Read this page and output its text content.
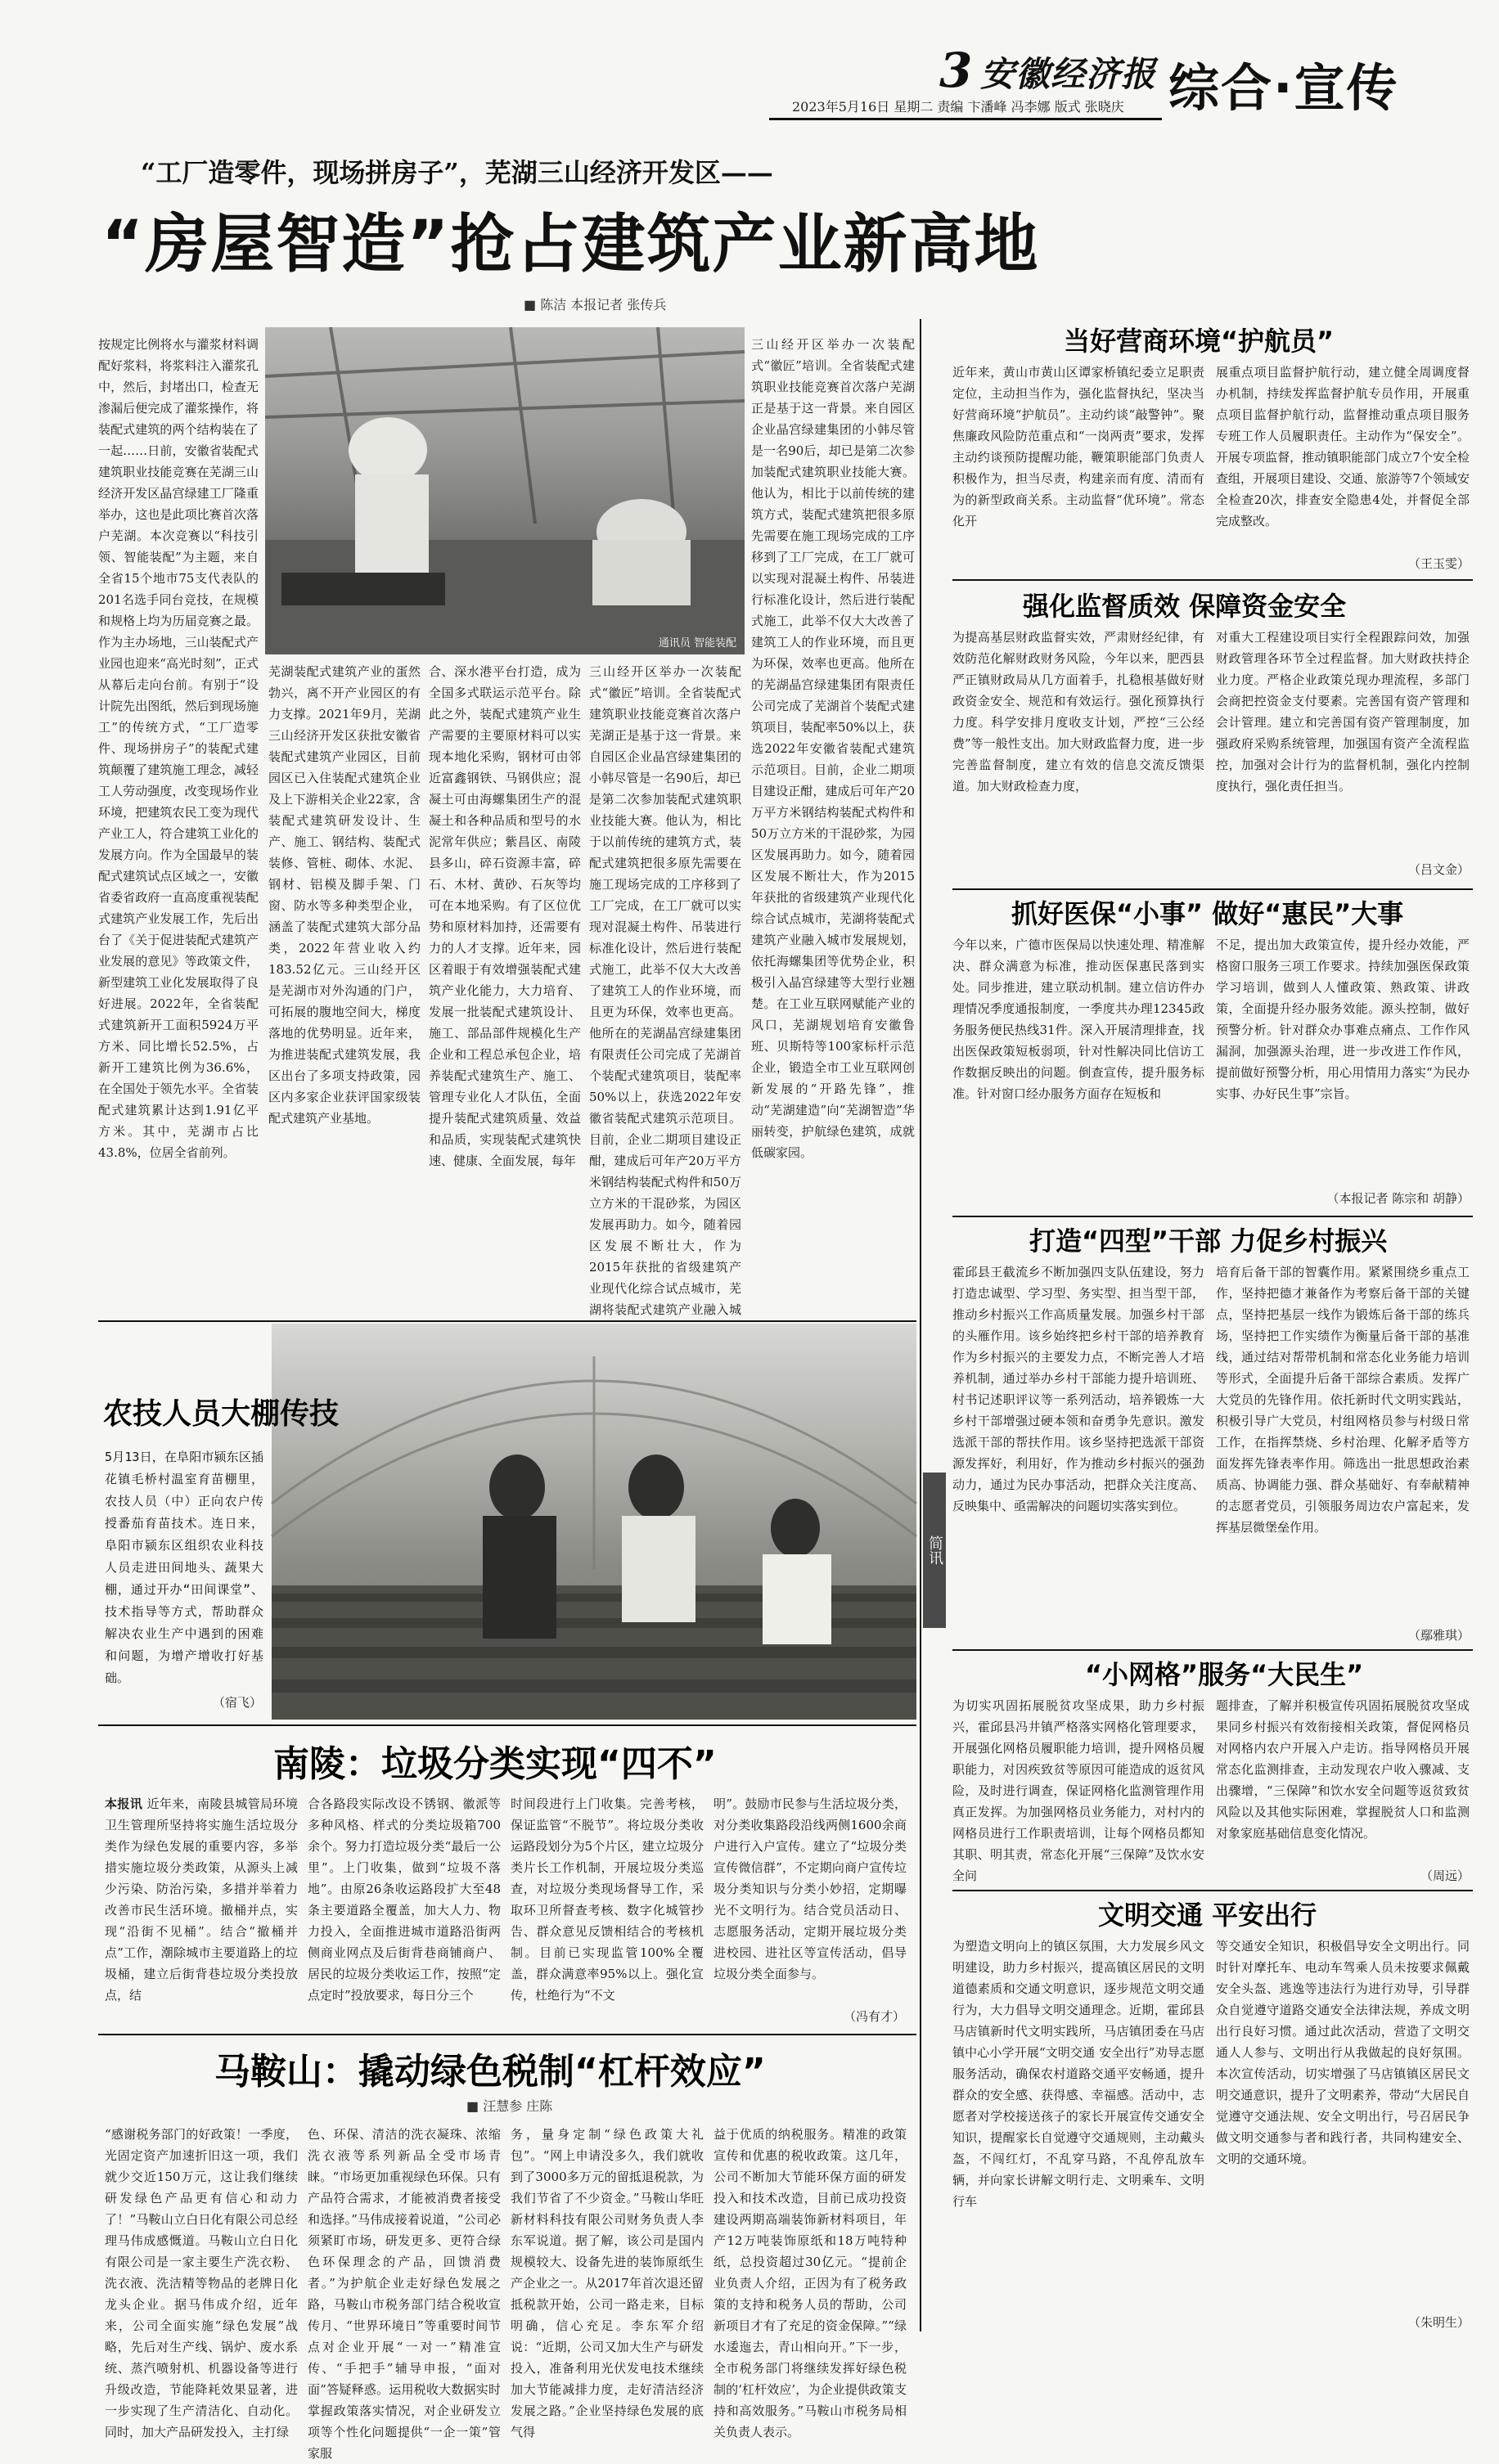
3 安徽经济报
2023年5月16日 星期二 责编 卞潘峰 冯李娜 版式 张晓庆 综合·宣传
“工厂造零件，现场拼房子”，芜湖三山经济开发区——
“房屋智造”抢占建筑产业新高地
■ 陈洁 本报记者 张传兵
通讯员 智能装配
按规定比例将水与灌浆材料调配好浆料，将浆料注入灌浆孔中，然后，封堵出口，检查无渗漏后便完成了灌浆操作，将装配式建筑的两个结构装在了一起……日前，安徽省装配式建筑职业技能竞赛在芜湖三山经济开发区晶宫绿建工厂隆重举办，这也是此项比赛首次落户芜湖。本次竞赛以“科技引领、智能装配”为主题，来自全省15个地市75支代表队的201名选手同台竞技，在规模和规格上均为历届竞赛之最。作为主办场地，三山装配式产业园也迎来“高光时刻”，正式从幕后走向台前。有别于“设计院先出图纸，然后到现场施工”的传统方式，“工厂造零件、现场拼房子”的装配式建筑颠覆了建筑施工理念，减轻工人劳动强度，改变现场作业环境，把建筑农民工变为现代产业工人，符合建筑工业化的发展方向。作为全国最早的装配式建筑试点区域之一，安徽省委省政府一直高度重视装配式建筑产业发展工作，先后出台了《关于促进装配式建筑产业发展的意见》等政策文件，新型建筑工业化发展取得了良好进展。2022年，全省装配式建筑新开工面积5924万平方米、同比增长52.5%，占新开工建筑比例为36.6%，在全国处于领先水平。全省装配式建筑累计达到1.91亿平方米。其中，芜湖市占比43.8%，位居全省前列。
芜湖装配式建筑产业的蛋然勃兴，离不开产业园区的有力支撑。2021年9月，芜湖三山经济开发区获批安徽省装配式建筑产业园区，目前园区已入住装配式建筑企业及上下游相关企业22家，含装配式建筑研发设计、生产、施工、钢结构、装配式装修、管桩、砌体、水泥、钢材、铝模及脚手架、门窗、防水等多种类型企业，涵盖了装配式建筑大部分品类，2022年营业收入约183.52亿元。三山经开区是芜湖市对外沟通的门户，可拓展的腹地空间大，梯度落地的优势明显。近年来，为推进装配式建筑发展，我区出台了多项支持政策，园区内多家企业获评国家级装配式建筑产业基地。
合、深水港平台打造，成为全国多式联运示范平台。除此之外，装配式建筑产业生产需要的主要原材料可以实现本地化采购，钢材可由邻近富鑫钢铁、马钢供应；混凝土可由海螺集团生产的混凝土和各种品质和型号的水泥常年供应；紫昌区、南陵县多山，碎石资源丰富，碎石、木材、黄砂、石灰等均可在本地采购。有了区位优势和原材料加持，还需要有力的人才支撑。近年来，园区着眼于有效增强装配式建筑产业化能力，大力培育、发展一批装配式建筑设计、施工、部品部件规模化生产企业和工程总承包企业，培养装配式建筑生产、施工、管理专业化人才队伍，全面提升装配式建筑质量、效益和品质，实现装配式建筑快速、健康、全面发展，每年
三山经开区举办一次装配式“徽匠”培训。全省装配式建筑职业技能竞赛首次落户芜湖正是基于这一背景。来自园区企业晶宫绿建集团的小韩尽管是一名90后，却已是第二次参加装配式建筑职业技能大赛。他认为，相比于以前传统的建筑方式，装配式建筑把很多原先需要在施工现场完成的工序移到了工厂完成，在工厂就可以实现对混凝土构件、吊装进行标准化设计，然后进行装配式施工，此举不仅大大改善了建筑工人的作业环境，而且更为环保，效率也更高。他所在的芜湖晶宫绿建集团有限责任公司完成了芜湖首个装配式建筑项目，装配率50%以上，获选2022年安徽省装配式建筑示范项目。目前，企业二期项目建设正酣，建成后可年产20万平方米钢结构装配式构件和50万立方米的干混砂浆，为园区发展再助力。如今，随着园区发展不断壮大，作为2015年获批的省级建筑产业现代化综合试点城市，芜湖将装配式建筑产业融入城
三山经开区举办一次装配式“徽匠”培训。全省装配式建筑职业技能竞赛首次落户芜湖正是基于这一背景。来自园区企业晶宫绿建集团的小韩尽管是一名90后，却已是第二次参加装配式建筑职业技能大赛。他认为，相比于以前传统的建筑方式，装配式建筑把很多原先需要在施工现场完成的工序移到了工厂完成，在工厂就可以实现对混凝土构件、吊装进行标准化设计，然后进行装配式施工，此举不仅大大改善了建筑工人的作业环境，而且更为环保，效率也更高。他所在的芜湖晶宫绿建集团有限责任公司完成了芜湖首个装配式建筑项目，装配率50%以上，获选2022年安徽省装配式建筑示范项目。目前，企业二期项目建设正酣，建成后可年产20万平方米钢结构装配式构件和50万立方米的干混砂浆，为园区发展再助力。如今，随着园区发展不断壮大，作为2015年获批的省级建筑产业现代化综合试点城市，芜湖将装配式建筑产业融入城市发展规划，依托海螺集团等优势企业，积极引入晶宫绿建等大型行业翘楚。在工业互联网赋能产业的风口，芜湖规划培育安徽鲁班、贝斯特等100家标杆示范企业，锻造全市工业互联网创新发展的“开路先锋”，推动“芜湖建造”向“芜湖智造”华丽转变，护航绿色建筑，成就低碳家园。
农技人员大棚传技
5月13日，在阜阳市颍东区插花镇毛桥村温室育苗棚里，农技人员（中）正向农户传授番茄育苗技术。连日来，阜阳市颍东区组织农业科技人员走进田间地头、蔬果大棚，通过开办“田间课堂”、技术指导等方式，帮助群众解决农业生产中遇到的困难和问题，为增产增收打好基础。
（宿飞）
南陵：垃圾分类实现“四不”
本报讯 近年来，南陵县城管局环境卫生管理所坚持将实施生活垃圾分类作为绿色发展的重要内容，多举措实施垃圾分类政策，从源头上减少污染、防治污染，多措并举着力改善市民生活环境。撤桶并点，实现“沿街不见桶”。结合“撤桶并点”工作，潮除城市主要道路上的垃圾桶，建立后街背巷垃圾分类投放点，结
合各路段实际改设不锈钢、徽派等多种风格、样式的分类垃圾箱700余个。努力打造垃圾分类“最后一公里”。上门收集，做到“垃圾不落地”。由原26条收运路段扩大至48条主要道路全覆盖，加大人力、物力投入，全面推进城市道路沿街两侧商业网点及后街背巷商铺商户、居民的垃圾分类收运工作，按照“定点定时”投放要求，每日分三个
时间段进行上门收集。完善考核，保证监管“不脱节”。将垃圾分类收运路段划分为5个片区，建立垃圾分类片长工作机制，开展垃圾分类巡查，对垃圾分类现场督导工作，采取环卫所督查考核、数字化城管抄告、群众意见反馈相结合的考核机制。目前已实现监管100%全覆盖，群众满意率95%以上。强化宣传，杜绝行为“不文
明”。鼓励市民参与生活垃圾分类，对分类收集路段沿线两侧1600余商户进行入户宣传。建立了“垃圾分类宣传微信群”，不定期向商户宣传垃圾分类知识与分类小妙招，定期曝光不文明行为。结合党员活动日、志愿服务活动，定期开展垃圾分类进校园、进社区等宣传活动，倡导垃圾分类全面参与。
（冯有才）
马鞍山：撬动绿色税制“杠杆效应”
■ 汪慧参 庄陈
“感谢税务部门的好政策！一季度，光固定资产加速折旧这一项，我们就少交近150万元，这让我们继续研发绿色产品更有信心和动力了！”马鞍山立白日化有限公司总经理马伟成感慨道。马鞍山立白日化有限公司是一家主要生产洗衣粉、洗衣液、洗洁精等物品的老牌日化龙头企业。据马伟成介绍，近年来，公司全面实施“绿色发展”战略，先后对生产线、锅炉、废水系统、蒸汽喷射机、机器设备等进行升级改造，节能降耗效果显著，进一步实现了生产清洁化、自动化。同时，加大产品研发投入，主打绿
色、环保、清洁的洗衣凝珠、浓缩洗衣液等系列新品全受市场青睐。“市场更加重视绿色环保。只有产品符合需求，才能被消费者接受和选择。”马伟成接着说道，“公司必须紧盯市场，研发更多、更符合绿色环保理念的产品，回馈消费者。”为护航企业走好绿色发展之路，马鞍山市税务部门结合税收宣传月、“世界环境日”等重要时间节点对企业开展“一对一”精准宣传、“手把手”辅导申报，“面对面”答疑释惑。运用税收大数据实时掌握政策落实情况，对企业研发立项等个性化问题提供“一企一策”管家服
务，量身定制“绿色政策大礼包”。“网上申请没多久，我们就收到了3000多万元的留抵退税款，为我们节省了不少资金。”马鞍山华旺新材料科技有限公司财务负责人李东军说道。据了解，该公司是国内规模较大、设备先进的装饰原纸生产企业之一。从2017年首次退还留抵税款开始，公司一路走来，目标明确，信心充足。李东军介绍说：“近期，公司又加大生产与研发投入，准备利用光伏发电技术继续加大节能减排力度，走好清洁经济发展之路。”企业坚持绿色发展的底气得
益于优质的纳税服务。精准的政策宣传和优惠的税收政策。这几年，公司不断加大节能环保方面的研发投入和技术改造，目前已成功投资建设两期高端装饰新材料项目，年产12万吨装饰原纸和18万吨特种纸，总投资超过30亿元。“提前企业负责人介绍，正因为有了税务政策的支持和税务人员的帮助，公司新项目才有了充足的资金保障。”“绿水逶迤去，青山相向开。”下一步，全市税务部门将继续发挥好绿色税制的‘杠杆效应’，为企业提供政策支持和高效服务。”马鞍山市税务局相关负责人表示。
简讯
当好营商环境“护航员”
近年来，黄山市黄山区谭家桥镇纪委立足职责定位，主动担当作为，强化监督执纪，坚决当好营商环境“护航员”。主动约谈“敲警钟”。聚焦廉政风险防范重点和“一岗两责”要求，发挥主动约谈预防提醒功能，鞭策职能部门负责人积极作为，担当尽责，构建亲而有度、清而有为的新型政商关系。主动监督“优环境”。常态化开
展重点项目监督护航行动，建立健全周调度督办机制，持续发挥监督护航专员作用，开展重点项目监督护航行动，监督推动重点项目服务专班工作人员履职责任。主动作为“保安全”。开展专项监督，推动镇职能部门成立7个安全检查组，开展项目建设、交通、旅游等7个领域安全检查20次，排查安全隐患4处，并督促全部完成整改。
（王玉雯）
强化监督质效 保障资金安全
为提高基层财政监督实效，严肃财经纪律，有效防范化解财政财务风险，今年以来，肥西县严正镇财政局从几方面着手，扎稳根基做好财政资金安全、规范和有效运行。强化预算执行力度。科学安排月度收支计划，严控“三公经费”等一般性支出。加大财政监督力度，进一步完善监督制度，建立有效的信息交流反馈渠道。加大财政检查力度，
对重大工程建设项目实行全程跟踪问效，加强财政管理各环节全过程监督。加大财政扶持企业力度。严格企业政策兑现办理流程，多部门会商把控资金支付要素。完善国有资产管理和会计管理。建立和完善国有资产管理制度，加强政府采购系统管理，加强国有资产全流程监控，加强对会计行为的监督机制，强化内控制度执行，强化责任担当。
（吕文金）
抓好医保“小事” 做好“惠民”大事
今年以来，广德市医保局以快速处理、精准解决、群众满意为标准，推动医保惠民落到实处。同步推进，建立联动机制。建立信访件办理情况季度通报制度，一季度共办理12345政务服务便民热线31件。深入开展清理排查，找出医保政策短板弱项，针对性解决同比信访工作数据反映出的问题。倒查宣传，提升服务标准。针对窗口经办服务方面存在短板和
不足，提出加大政策宣传，提升经办效能，严格窗口服务三项工作要求。持续加强医保政策学习培训，做到人人懂政策、熟政策、讲政策，全面提升经办服务效能。源头控制，做好预警分析。针对群众办事难点痛点、工作作风漏洞，加强源头治理，进一步改进工作作风，提前做好预警分析，用心用情用力落实“为民办实事、办好民生事”宗旨。
（本报记者 陈宗和 胡静）
打造“四型”干部 力促乡村振兴
霍邱县王截流乡不断加强四支队伍建设，努力打造忠诚型、学习型、务实型、担当型干部，推动乡村振兴工作高质量发展。加强乡村干部的头雁作用。该乡始终把乡村干部的培养教育作为乡村振兴的主要发力点，不断完善人才培养机制，通过举办乡村干部能力提升培训班、村书记述职评议等一系列活动，培养锻炼一大乡村干部增强过硬本领和奋勇争先意识。激发选派干部的帮扶作用。该乡坚持把选派干部资源发挥好，利用好，作为推动乡村振兴的强劲动力，通过为民办事活动，把群众关注度高、反映集中、亟需解决的问题切实落实到位。
培育后备干部的智囊作用。紧紧围绕乡重点工作，坚持把德才兼备作为考察后备干部的关键点，坚持把基层一线作为锻炼后备干部的练兵场，坚持把工作实绩作为衡量后备干部的基准线，通过结对帮带机制和常态化业务能力培训等形式，全面提升后备干部综合素质。发挥广大党员的先锋作用。依托新时代文明实践站，积极引导广大党员，村组网格员参与村级日常工作，在指挥禁烧、乡村治理、化解矛盾等方面发挥先锋表率作用。筛选出一批思想政治素质高、协调能力强、群众基础好、有奉献精神的志愿者党员，引领服务周边农户富起来，发挥基层微堡垒作用。
（鄢雅琪）
“小网格”服务“大民生”
为切实巩固拓展脱贫攻坚成果，助力乡村振兴，霍邱县冯井镇严格落实网格化管理要求，开展强化网格员履职能力培训，提升网格员履职能力，对因疾致贫等原因可能造成的返贫风险，及时进行调查，保证网格化监测管理作用真正发挥。为加强网格员业务能力，对村内的网格员进行工作职责培训，让每个网格员都知其职、明其责，常态化开展“三保障”及饮水安全问
题排查，了解并积极宣传巩固拓展脱贫攻坚成果同乡村振兴有效衔接相关政策，督促网格员对网格内农户开展入户走访。指导网格员开展常态化监测排查，主动发现农户收入骤减、支出骤增，“三保障”和饮水安全问题等返贫致贫风险以及其他实际困难，掌握脱贫人口和监测对象家庭基础信息变化情况。
（周远）
文明交通 平安出行
为塑造文明向上的镇区氛围，大力发展乡风文明建设，助力乡村振兴，提高镇区居民的文明道德素质和交通文明意识，逐步规范文明交通行为，大力倡导文明交通理念。近期，霍邱县马店镇新时代文明实践所，马店镇团委在马店镇中心小学开展“文明交通 安全出行”劝导志愿服务活动，确保农村道路交通平安畅通，提升群众的安全感、获得感、幸福感。活动中，志愿者对学校接送孩子的家长开展宣传交通安全知识，提醒家长自觉遵守交通规则，主动戴头盔，不闯红灯，不乱穿马路，不乱停乱放车辆，并向家长讲解文明行走、文明乘车、文明行车
等交通安全知识，积极倡导安全文明出行。同时针对摩托车、电动车驾乘人员未按要求佩戴安全头盔、逃逸等违法行为进行劝导，引导群众自觉遵守道路交通安全法律法规，养成文明出行良好习惯。通过此次活动，营造了文明交通人人参与、文明出行从我做起的良好氛围。本次宣传活动，切实增强了马店镇镇区居民文明交通意识，提升了文明素养，带动“大居民自觉遵守交通法规、安全文明出行，号召居民争做文明交通参与者和践行者，共同构建安全、文明的交通环境。
（朱明生）
